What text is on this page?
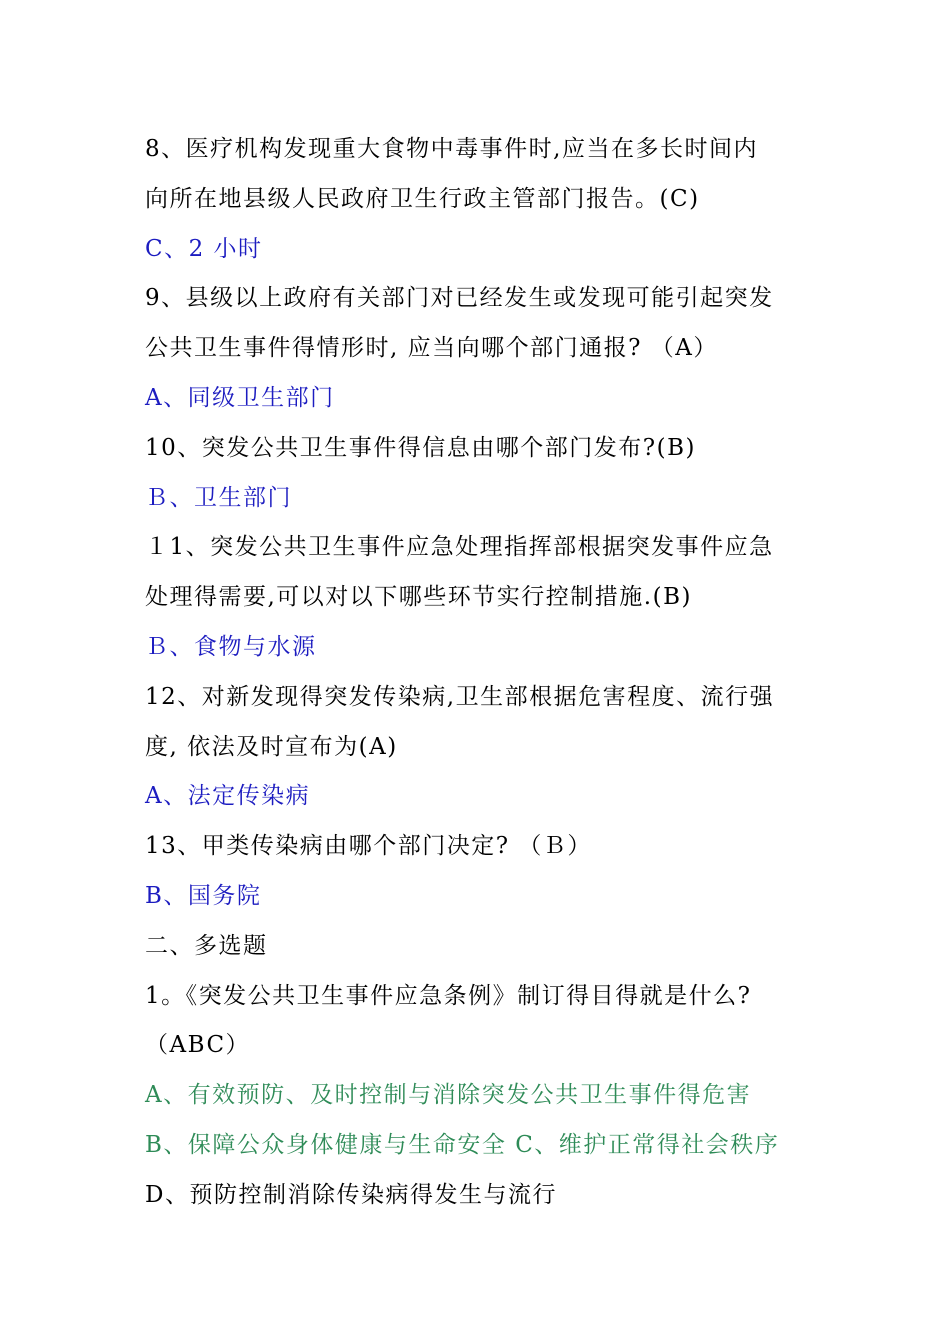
8、医疗机构发现重大食物中毒事件时,应当在多长时间内
向所在地县级人民政府卫生行政主管部门报告。(C)
C、2 小时
9、县级以上政府有关部门对已经发生或发现可能引起突发
公共卫生事件得情形时, 应当向哪个部门通报? （A）
A、同级卫生部门
10、突发公共卫生事件得信息由哪个部门发布?(B)
Ｂ、卫生部门
１1、突发公共卫生事件应急处理指挥部根据突发事件应急
处理得需要,可以对以下哪些环节实行控制措施.(B)
Ｂ、食物与水源
12、对新发现得突发传染病,卫生部根据危害程度、流行强
度, 依法及时宣布为(A)
A、法定传染病
13、甲类传染病由哪个部门决定? （Ｂ）
B、国务院
二、多选题
1。《突发公共卫生事件应急条例》制订得目得就是什么?
（ABC）
A、有效预防、及时控制与消除突发公共卫生事件得危害
B、保障公众身体健康与生命安全 C、维护正常得社会秩序
D、预防控制消除传染病得发生与流行
